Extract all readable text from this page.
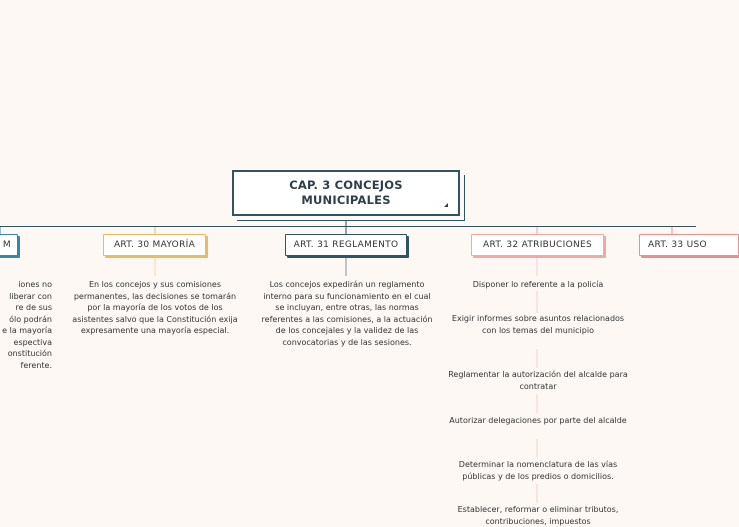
CAP. 3 CONCEJOS MUNICIPALES
M	ART. 30 MAYORÍA	ART. 31 REGLAMENTO	ART. 32 ATRIBUCIONES	ART. 33 USO
iones no
liberar con
re de sus
ólo podrán
e la mayoría
espectiva
onstitución
ferente.
En los concejos y sus comisiones permanentes, las decisiones se tomarán por la mayoría de los votos de los asistentes salvo que la Constitución exija expresamente una mayoría especial.
Los concejos expedirán un reglamento interno para su funcionamiento en el cual se incluyan, entre otras, las normas referentes a las comisiones, a la actuación de los concejales y la validez de las convocatorias y de las sesiones.
Disponer lo referente a la policía
Exigir informes sobre asuntos relacionados con los temas del municipio
Reglamentar la autorización del alcalde para contratar
Autorizar delegaciones por parte del alcalde
Determinar la nomenclatura de las vías públicas y de los predios o domicilios.
Establecer, reformar o eliminar tributos, contribuciones, impuestos
